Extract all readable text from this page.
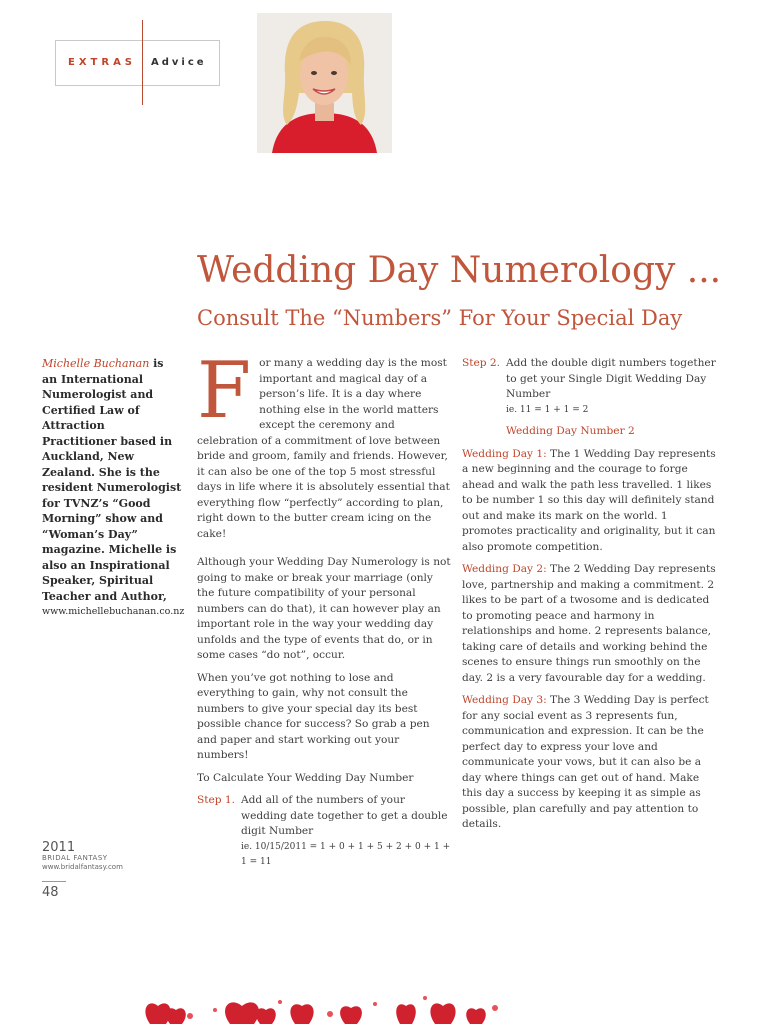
EXTRAS Advice
Wedding Day Numerology ...
Consult The “Numbers” For Your Special Day
Michelle Buchanan is an International Numerologist and Certified Law of Attraction Practitioner based in Auckland, New Zealand. She is the resident Numerologist for TVNZ’s “Good Morning” show and “Woman’s Day” magazine. Michelle is also an Inspirational Speaker, Spiritual Teacher and Author,
www.michellebuchanan.co.nz

For many a wedding day is the most important and magical day of a person’s life. It is a day where nothing else in the world matters except the ceremony and celebration of a commitment of love between bride and groom, family and friends. However, it can also be one of the top 5 most stressful days in life where it is absolutely essential that everything flow “perfectly” according to plan, right down to the butter cream icing on the cake!

Although your Wedding Day Numerology is not going to make or break your marriage (only the future compatibility of your personal numbers can do that), it can however play an important role in the way your wedding day unfolds and the type of events that do, or in some cases “do not”, occur.

When you’ve got nothing to lose and everything to gain, why not consult the numbers to give your special day its best possible chance for success? So grab a pen and paper and start working out your numbers!

To Calculate Your Wedding Day Number

Step 1. Add all of the numbers of your wedding date together to get a double digit Number
ie. 10/15/2011 = 1 + 0 + 1 + 5 + 2 + 0 + 1 + 1 = 11
Step 2. Add the double digit numbers together to get your Single Digit Wedding Day Number
ie. 11 = 1 + 1 = 2
Wedding Day Number 2

Wedding Day 1: The 1 Wedding Day represents a new beginning and the courage to forge ahead and walk the path less travelled. 1 likes to be number 1 so this day will definitely stand out and make its mark on the world. 1 promotes practicality and originality, but it can also promote competition.

Wedding Day 2: The 2 Wedding Day represents love, partnership and making a commitment. 2 likes to be part of a twosome and is dedicated to promoting peace and harmony in relationships and home. 2 represents balance, taking care of details and working behind the scenes to ensure things run smoothly on the day. 2 is a very favourable day for a wedding.

Wedding Day 3: The 3 Wedding Day is perfect for any social event as 3 represents fun, communication and expression. It can be the perfect day to express your love and communicate your vows, but it can also be a day where things can get out of hand. Make this day a success by keeping it as simple as possible, plan carefully and pay attention to details.

2011
BRIDAL FANTASY
www.bridalfantasy.com
48
